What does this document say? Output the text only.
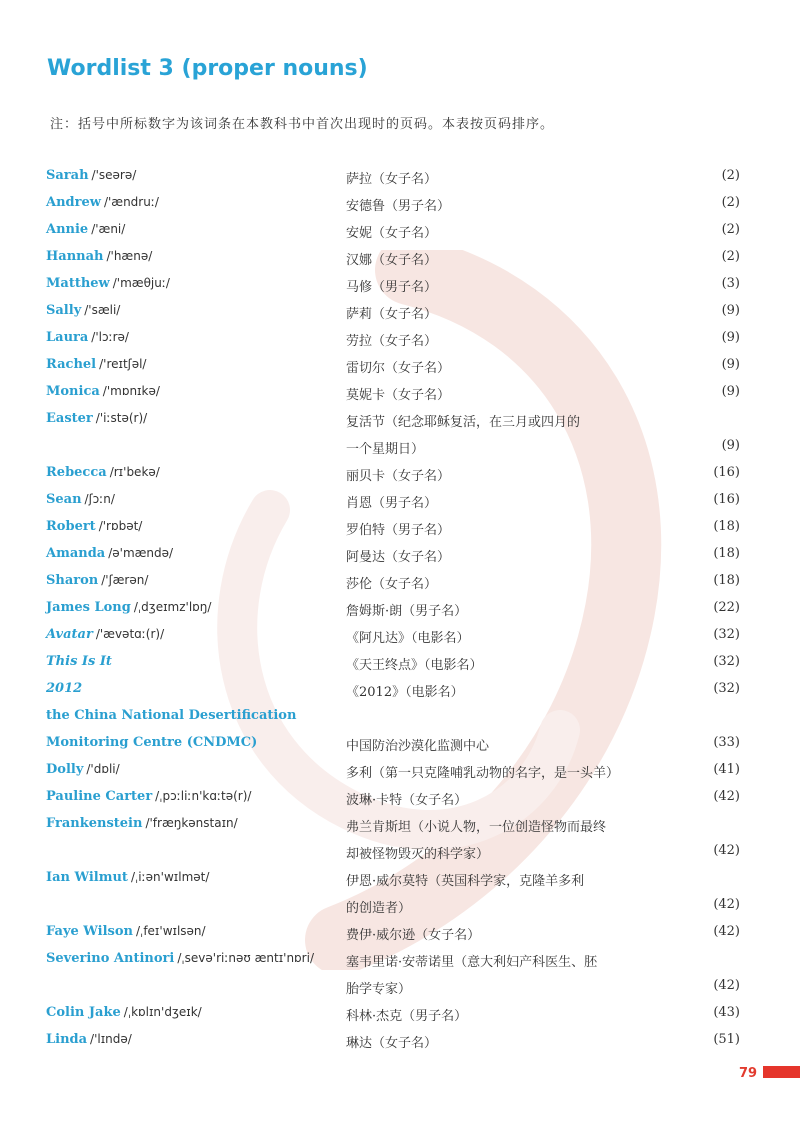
Wordlist 3 (proper nouns)
注：括号中所标数字为该词条在本教科书中首次出现时的页码。本表按页码排序。
Sarah /'seərə/	萨拉（女子名）	(2)
Andrew /'ændruː/	安德鲁（男子名）	(2)
Annie /'æni/	安妮（女子名）	(2)
Hannah /'hænə/	汉娜（女子名）	(2)
Matthew /'mæθjuː/	马修（男子名）	(3)
Sally /'sæli/	萨莉（女子名）	(9)
Laura /'lɔːrə/	劳拉（女子名）	(9)
Rachel /'reɪtʃəl/	雷切尔（女子名）	(9)
Monica /'mɒnɪkə/	莫妮卡（女子名）	(9)
Easter /'iːstə(r)/	复活节（纪念耶稣复活，在三月或四月的
一个星期日）	(9)
Rebecca /rɪ'bekə/	丽贝卡（女子名）	(16)
Sean /ʃɔːn/	肖恩（男子名）	(16)
Robert /'rɒbət/	罗伯特（男子名）	(18)
Amanda /ə'mændə/	阿曼达（女子名）	(18)
Sharon /'ʃærən/	莎伦（女子名）	(18)
James Long /ˌdʒeɪmz'lɒŋ/	詹姆斯·朗（男子名）	(22)
Avatar /'ævətɑː(r)/	《阿凡达》（电影名）	(32)
This Is It	《天王终点》（电影名）	(32)
2012	《2012》（电影名）	(32)
the China National Desertification
Monitoring Centre (CNDMC)	中国防治沙漠化监测中心	(33)
Dolly /'dɒli/	多利（第一只克隆哺乳动物的名字，是一头羊）	(41)
Pauline Carter /ˌpɔːliːn'kɑːtə(r)/	波琳·卡特（女子名）	(42)
Frankenstein /'fræŋkənstaɪn/	弗兰肯斯坦（小说人物，一位创造怪物而最终
却被怪物毁灭的科学家）	(42)
Ian Wilmut /ˌiːən'wɪlmət/	伊恩·威尔莫特（英国科学家，克隆羊多利
的创造者）	(42)
Faye Wilson /ˌfeɪ'wɪlsən/	费伊·威尔逊（女子名）	(42)
Severino Antinori /ˌsevə'riːnəʊ æntɪ'nɒri/ 塞韦里诺·安蒂诺里（意大利妇产科医生、胚
胎学专家）	(42)
Colin Jake /ˌkɒlɪn'dʒeɪk/	科林·杰克（男子名）	(43)
Linda /'lɪndə/	琳达（女子名）	(51)
79
